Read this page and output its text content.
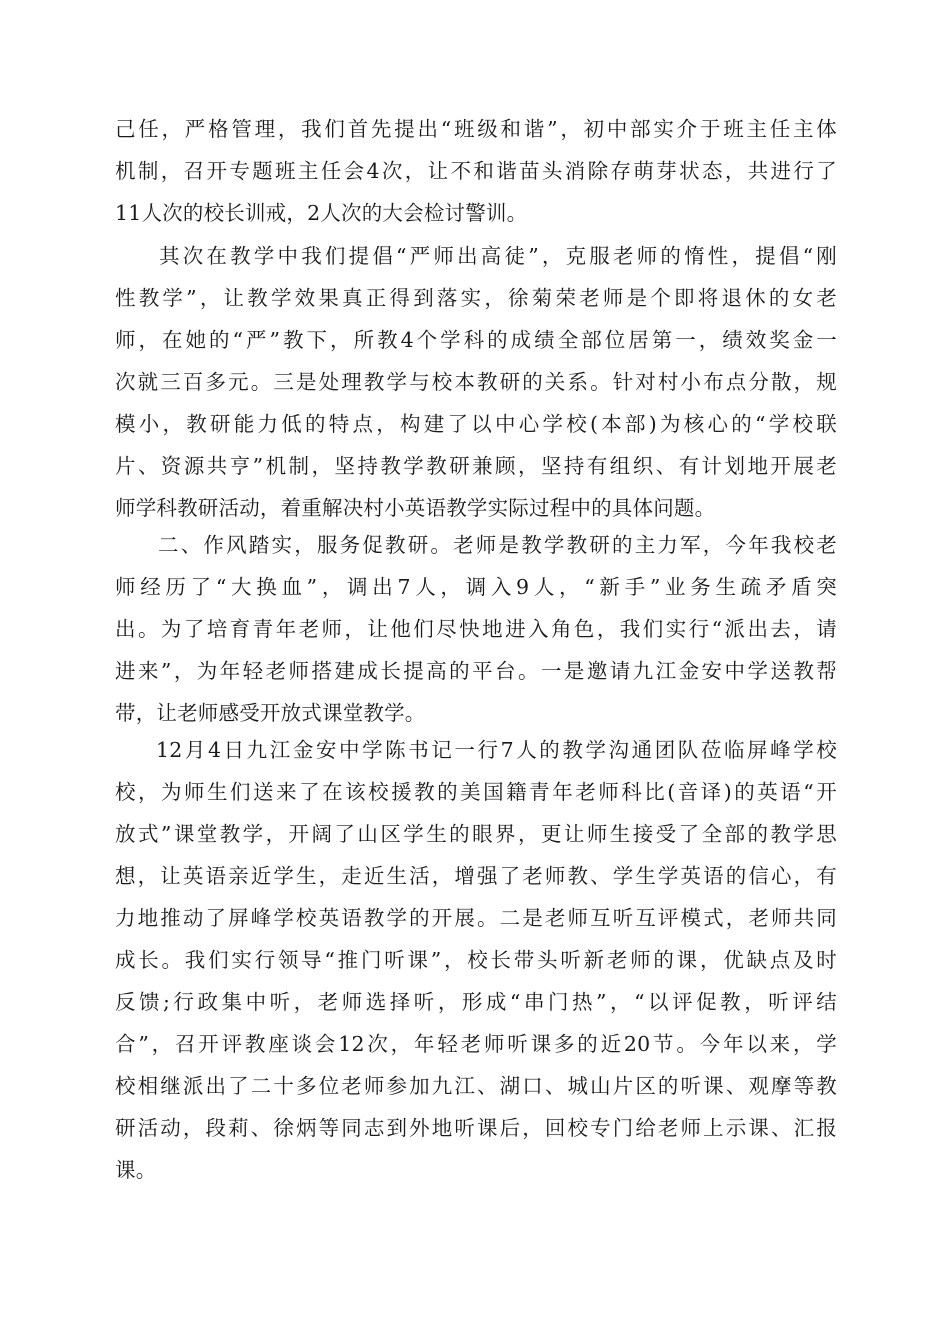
己任，严格管理，我们首先提出“班级和谐”，初中部实介于班主任主体
机制，召开专题班主任会4次，让不和谐苗头消除存萌芽状态，共进行了
11人次的校长训戒，2人次的大会检讨警训。
其次在教学中我们提倡“严师出高徒”，克服老师的惰性，提倡“刚
性教学”，让教学效果真正得到落实，徐菊荣老师是个即将退休的女老
师，在她的“严”教下，所教4个学科的成绩全部位居第一，绩效奖金一
次就三百多元。三是处理教学与校本教研的关系。针对村小布点分散，规
模小，教研能力低的特点，构建了以中心学校(本部)为核心的“学校联
片、资源共亨”机制，坚持教学教研兼顾，坚持有组织、有计划地开展老
师学科教研活动，着重解决村小英语教学实际过程中的具体问题。
二、作风踏实，服务促教研。老师是教学教研的主力军，今年我校老
师经历了“大换血”，调出7人，调入9人，“新手”业务生疏矛盾突
出。为了培育青年老师，让他们尽快地进入角色，我们实行“派出去，请
进来”，为年轻老师搭建成长提高的平台。一是邀请九江金安中学送教帮
带，让老师感受开放式课堂教学。
12月4日九江金安中学陈书记一行7人的教学沟通团队莅临屏峰学校
校，为师生们送来了在该校援教的美国籍青年老师科比(音译)的英语“开
放式”课堂教学，开阔了山区学生的眼界，更让师生接受了全部的教学思
想，让英语亲近学生，走近生活，增强了老师教、学生学英语的信心，有
力地推动了屏峰学校英语教学的开展。二是老师互听互评模式，老师共同
成长。我们实行领导“推门听课”，校长带头听新老师的课，优缺点及时
反馈;行政集中听，老师选择听，形成“串门热”，“以评促教，听评结
合”，召开评教座谈会12次，年轻老师听课多的近20节。今年以来，学
校相继派出了二十多位老师参加九江、湖口、城山片区的听课、观摩等教
研活动，段莉、徐炳等同志到外地听课后，回校专门给老师上示课、汇报
课。
